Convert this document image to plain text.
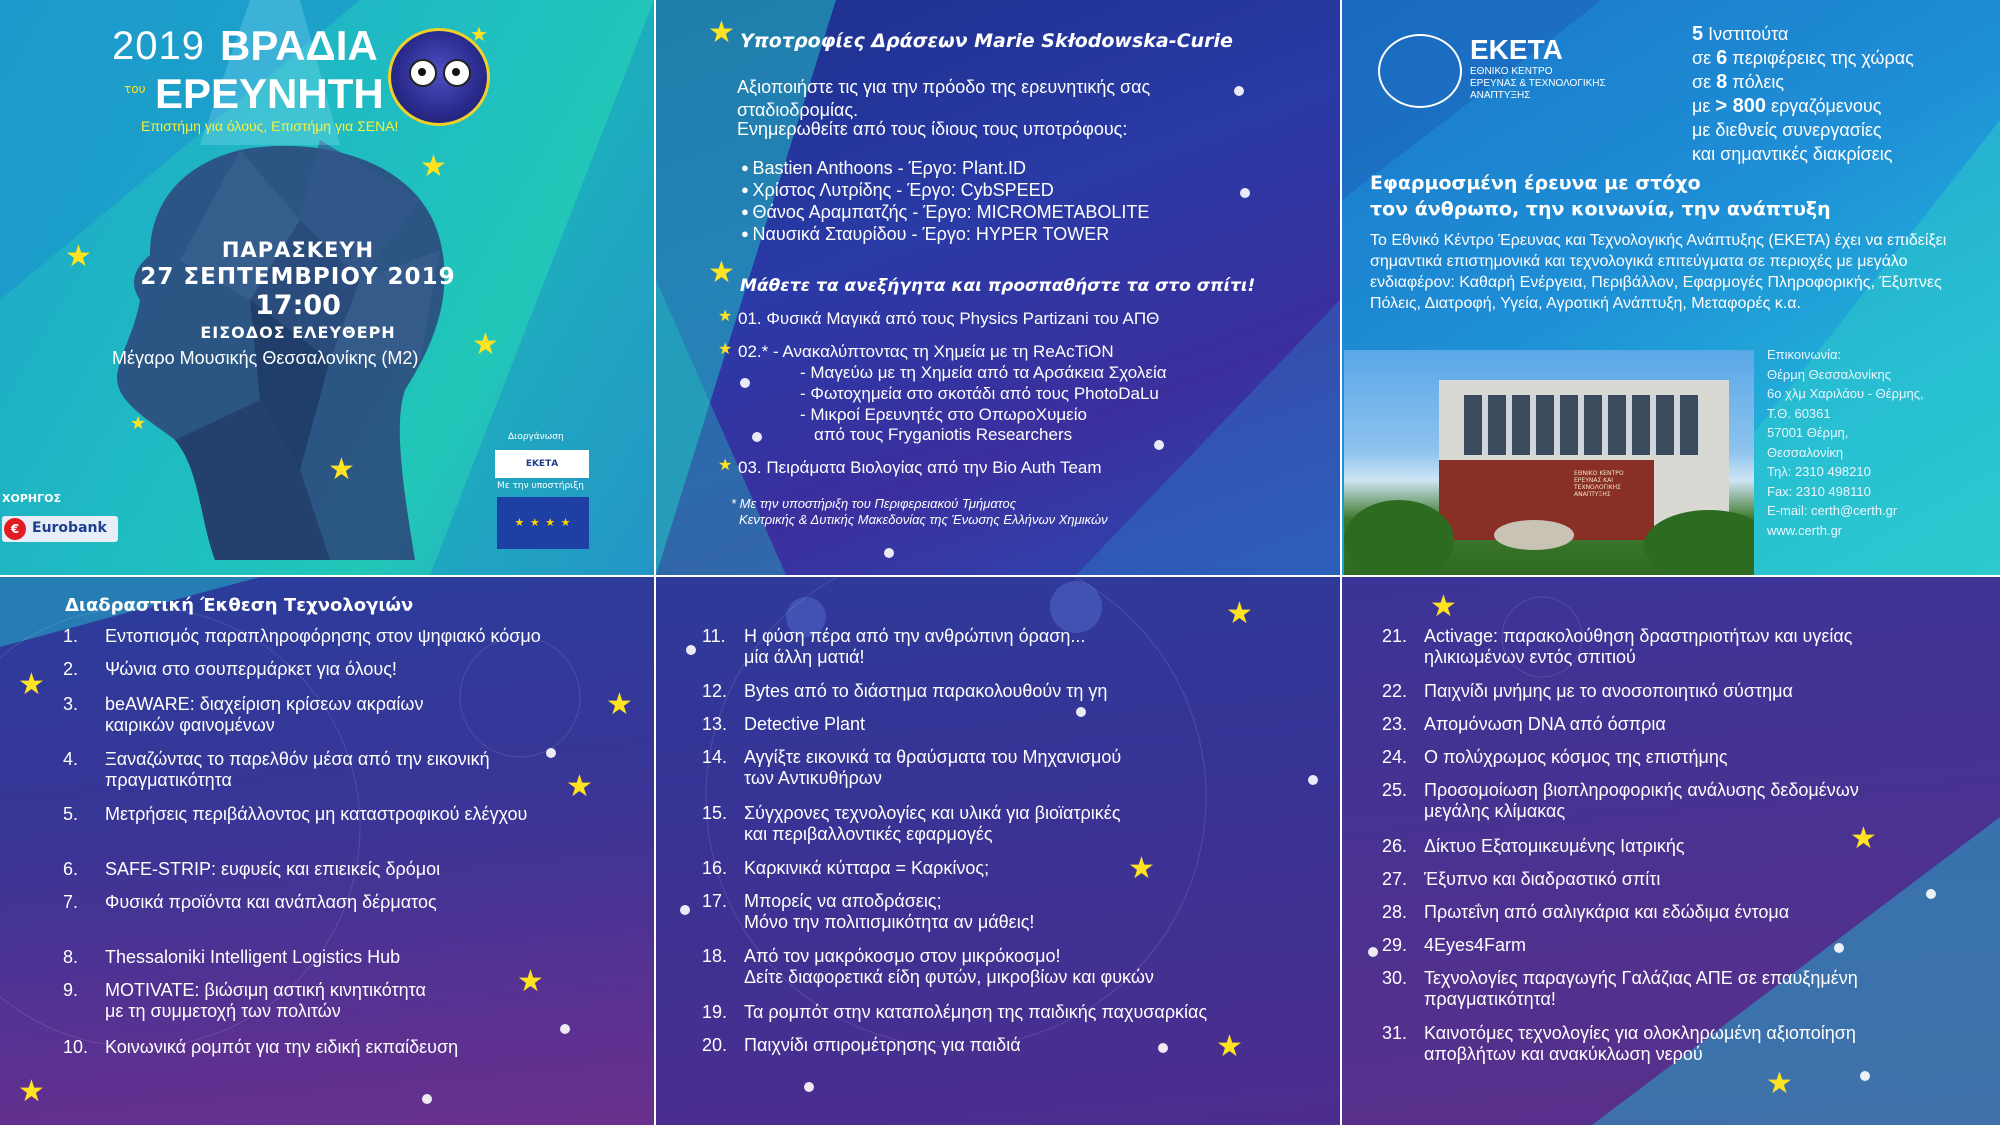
2019 ΒΡΑΔΙΑ
του ΕΡΕΥΝΗΤΗ
Επιστήμη για όλους, Επιστήμη για ΣΕΝΑ!
ΠΑΡΑΣΚΕΥΗ
27 ΣΕΠΤΕΜΒΡΙΟΥ 2019
17:00
ΕΙΣΟΔΟΣ ΕΛΕΥΘΕΡΗ
Μέγαρο Μουσικής Θεσσαλονίκης (Μ2)
ΧΟΡΗΓΟΣ
€ Eurobank
Διοργάνωση
ΕΚΕΤΑ
Με την υποστήριξη
★ ★ ★ ★
★
★
★
★
★
★	★ Υποτροφίες Δράσεων Marie Skłodowska-Curie
Αξιοποιήστε τις για την πρόοδο της ερευνητικής σας
σταδιοδρομίας.
Ενημερωθείτε από τους ίδιους τους υποτρόφους:
● Bastien Anthoons - Έργο: Plant.ID
● Χρίστος Λυτρίδης - Έργο: CybSPEED
● Θάνος Αραμπατζής - Έργο: MICROMETABOLITE
● Ναυσικά Σταυρίδου - Έργο: HYPER TOWER
★ Μάθετε τα ανεξήγητα και προσπαθήστε τα στο σπίτι!
★ 01. Φυσικά Μαγικά από τους Physics Partizani του ΑΠΘ
★ 02.* - Ανακαλύπτοντας τη Χημεία με τη ReAcTiON
- Μαγεύω με τη Χημεία από τα Αρσάκεια Σχολεία
- Φωτοχημεία στο σκοτάδι από τους PhotoDaLu
- Μικροί Ερευνητές στο ΟπωροΧυμείο
από τους Fryganiotis Researchers
★ 03. Πειράματα Βιολογίας από την Bio Auth Team
* Με την υποστήριξη του Περιφερειακού Τμήματος
Κεντρικής & Δυτικής Μακεδονίας της Ένωσης Ελλήνων Χημικών
ΕΚΕΤΑ
ΕΘΝΙΚΟ ΚΕΝΤΡΟ
ΕΡΕΥΝΑΣ & ΤΕΧΝΟΛΟΓΙΚΗΣ
ΑΝΑΠΤΥΞΗΣ
5 Ινστιτούτα
σε 6 περιφέρειες της χώρας
σε 8 πόλεις
με > 800 εργαζόμενους
με διεθνείς συνεργασίες
και σημαντικές διακρίσεις
Εφαρμοσμένη έρευνα με στόχο
τον άνθρωπο, την κοινωνία, την ανάπτυξη
Το Εθνικό Κέντρο Έρευνας και Τεχνολογικής Ανάπτυξης (ΕΚΕΤΑ) έχει να επιδείξει σημαντικά επιστημονικά και τεχνολογικά επιτεύγματα σε περιοχές με μεγάλο ενδιαφέρον: Καθαρή Ενέργεια, Περιβάλλον, Εφαρμογές Πληροφορικής, Έξυπνες Πόλεις, Διατροφή, Υγεία, Αγροτική Ανάπτυξη, Μεταφορές κ.α.
ΕΘΝΙΚΟ ΚΕΝΤΡΟ ΕΡΕΥΝΑΣ ΚΑΙ ΤΕΧΝΟΛΟΓΙΚΗΣ ΑΝΑΠΤΥΞΗΣ
Επικοινωνία:
Θέρμη Θεσσαλονίκης
6ο χλμ Χαριλάου - Θέρμης,
Τ.Θ. 60361
57001 Θέρμη,
Θεσσαλονίκη
Τηλ: 2310 498210
Fax: 2310 498110
E-mail: certh@certh.gr
www.certh.gr
Διαδραστική Έκθεση Τεχνολογιών
1. Εντοπισμός παραπληροφόρησης στον ψηφιακό κόσμο
2. Ψώνια στο σουπερμάρκετ για όλους!
3. beAWARE: διαχείριση κρίσεων ακραίων
καιρικών φαινομένων
4. Ξαναζώντας το παρελθόν μέσα από την εικονική
πραγματικότητα
5. Μετρήσεις περιβάλλοντος μη καταστροφικού ελέγχου
6. SAFE-STRIP: ευφυείς και επιεικείς δρόμοι
7. Φυσικά προϊόντα και ανάπλαση δέρματος
8. Thessaloniki Intelligent Logistics Hub
9. MOTIVATE: βιώσιμη αστική κινητικότητα
με τη συμμετοχή των πολιτών
10. Κοινωνικά ρομπότ για την ειδική εκπαίδευση
★
★
★
★
★
11. Η φύση πέρα από την ανθρώπινη όραση...
μία άλλη ματιά!
12. Bytes από το διάστημα παρακολουθούν τη γη
13. Detective Plant
14. Αγγίξτε εικονικά τα θραύσματα του Μηχανισμού
των Αντικυθήρων
15. Σύγχρονες τεχνολογίες και υλικά για βιοϊατρικές
και περιβαλλοντικές εφαρμογές
16. Καρκινικά κύτταρα = Καρκίνος;
17. Μπορείς να αποδράσεις;
Μόνο την πολιτισμικότητα αν μάθεις!
18. Από τον μακρόκοσμο στον μικρόκοσμο!
Δείτε διαφορετικά είδη φυτών, μικροβίων και φυκών
19. Τα ρομπότ στην καταπολέμηση της παιδικής παχυσαρκίας
20. Παιχνίδι σπιρομέτρησης για παιδιά
★
★
★
21. Activage: παρακολούθηση δραστηριοτήτων και υγείας
ηλικιωμένων εντός σπιτιού
22. Παιχνίδι μνήμης με το ανοσοποιητικό σύστημα
23. Απομόνωση DNA από όσπρια
24. Ο πολύχρωμος κόσμος της επιστήμης
25. Προσομοίωση βιοπληροφορικής ανάλυσης δεδομένων
μεγάλης κλίμακας
26. Δίκτυο Εξατομικευμένης Ιατρικής
27. Έξυπνο και διαδραστικό σπίτι
28. Πρωτεΐνη από σαλιγκάρια και εδώδιμα έντομα
29. 4Eyes4Farm
30. Τεχνολογίες παραγωγής Γαλάζιας ΑΠΕ σε επαυξημένη
πραγματικότητα!
31. Καινοτόμες τεχνολογίες για ολοκληρωμένη αξιοποίηση
αποβλήτων και ανακύκλωση νερού
★
★
★
